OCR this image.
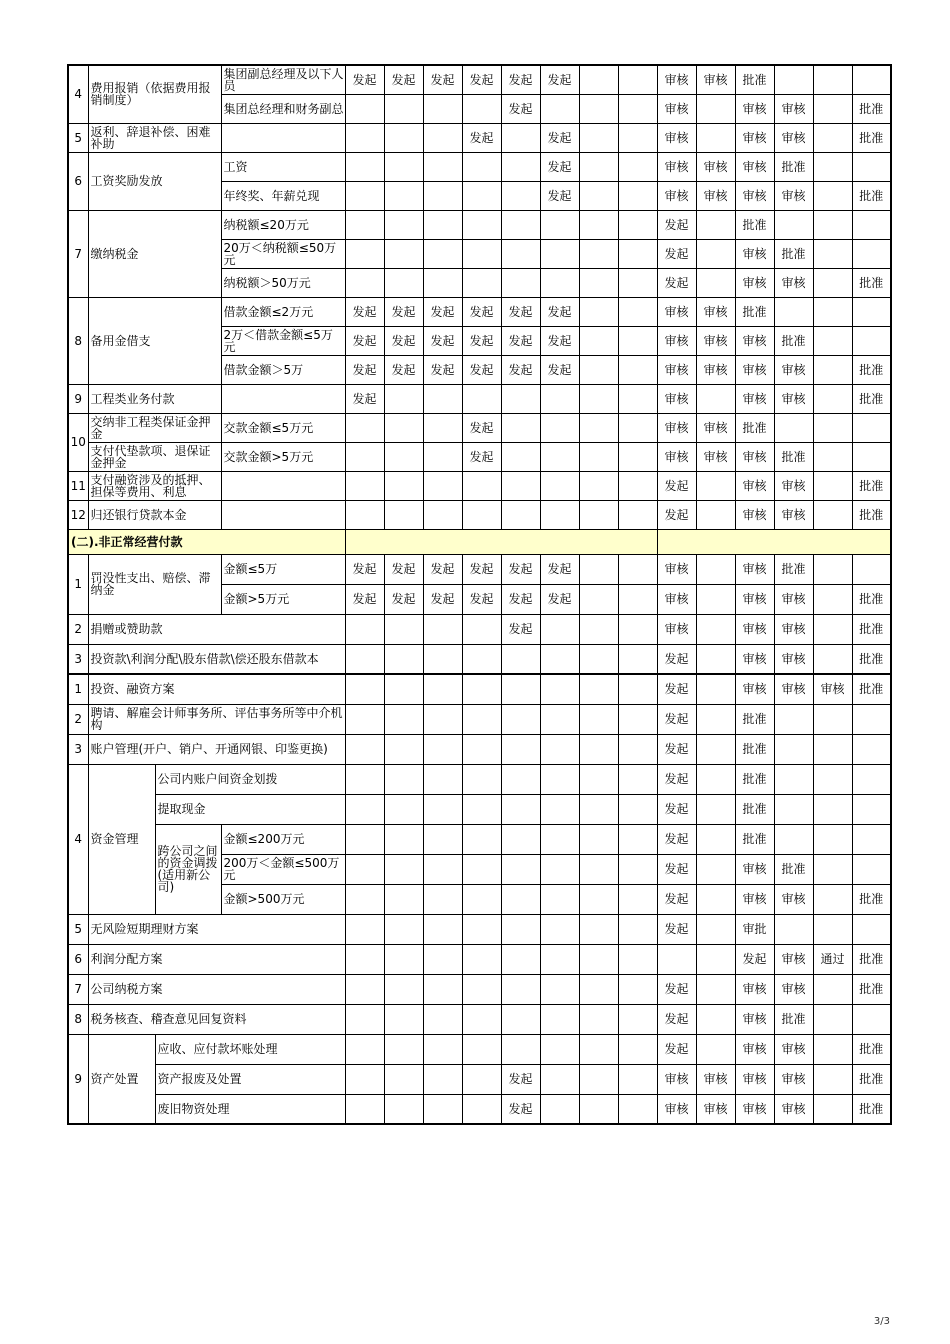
4	费用报销（依据费用报销制度）		集团副总经理及以下人员	发起	发起	发起	发起	发起	发起			审核	审核	批准			
			集团总经理和财务副总					发起				审核		审核	审核		批准
5	返利、辞退补偿、困难补助						发起		发起			审核		审核	审核		批准
6	工资奖励发放		工资						发起			审核	审核	审核	批准		
			年终奖、年薪兑现						发起			审核	审核	审核	审核		批准
7	缴纳税金		纳税额≤20万元									发起		批准			
			20万＜纳税额≤50万元									发起		审核	批准		
			纳税额＞50万元									发起		审核	审核		批准
8	备用金借支		借款金额≤2万元	发起	发起	发起	发起	发起	发起			审核	审核	批准			
			2万＜借款金额≤5万元	发起	发起	发起	发起	发起	发起			审核	审核	审核	批准		
			借款金额＞5万	发起	发起	发起	发起	发起	发起			审核	审核	审核	审核		批准
9	工程类业务付款			发起								审核		审核	审核		批准
10	交纳非工程类保证金押金		交款金额≤5万元				发起					审核	审核	批准			
	支付代垫款项、退保证金押金		交款金额>5万元				发起					审核	审核	审核	批准		
11	支付融资涉及的抵押、担保等费用、利息											发起		审核	审核		批准
12	归还银行贷款本金											发起		审核	审核		批准
(二).非正常经营付款																	
1	罚没性支出、赔偿、滞纳金		金额≤5万	发起	发起	发起	发起	发起	发起			审核		审核	批准		
			金额>5万元	发起	发起	发起	发起	发起	发起			审核		审核	审核		批准
2	捐赠或赞助款							发起				审核		审核	审核		批准
3	投资款\利润分配\股东借款\偿还股东借款本											发起		审核	审核		批准
1	投资、融资方案											发起		审核	审核	审核	批准
2	聘请、解雇会计师事务所、评估事务所等中介机构											发起		批准			
3	账户管理(开户、销户、开通网银、印鉴更换)											发起		批准			
4	资金管理	公司内账户间资金划拨										发起		批准			
		提取现金										发起		批准			
		跨公司之间的资金调拨(适用新公司)	金额≤200万元									发起		批准			
			200万＜金额≤500万元									发起		审核	批准		
			金额>500万元									发起		审核	审核		批准
5	无风险短期理财方案											发起		审批			
6	利润分配方案													发起	审核	通过	批准
7	公司纳税方案											发起		审核	审核		批准
8	税务核查、稽查意见回复资料											发起		审核	批准		
9	资产处置	应收、应付款坏账处理										发起		审核	审核		批准
		资产报废及处置						发起				审核	审核	审核	审核		批准
		废旧物资处理						发起				审核	审核	审核	审核		批准
3/3
